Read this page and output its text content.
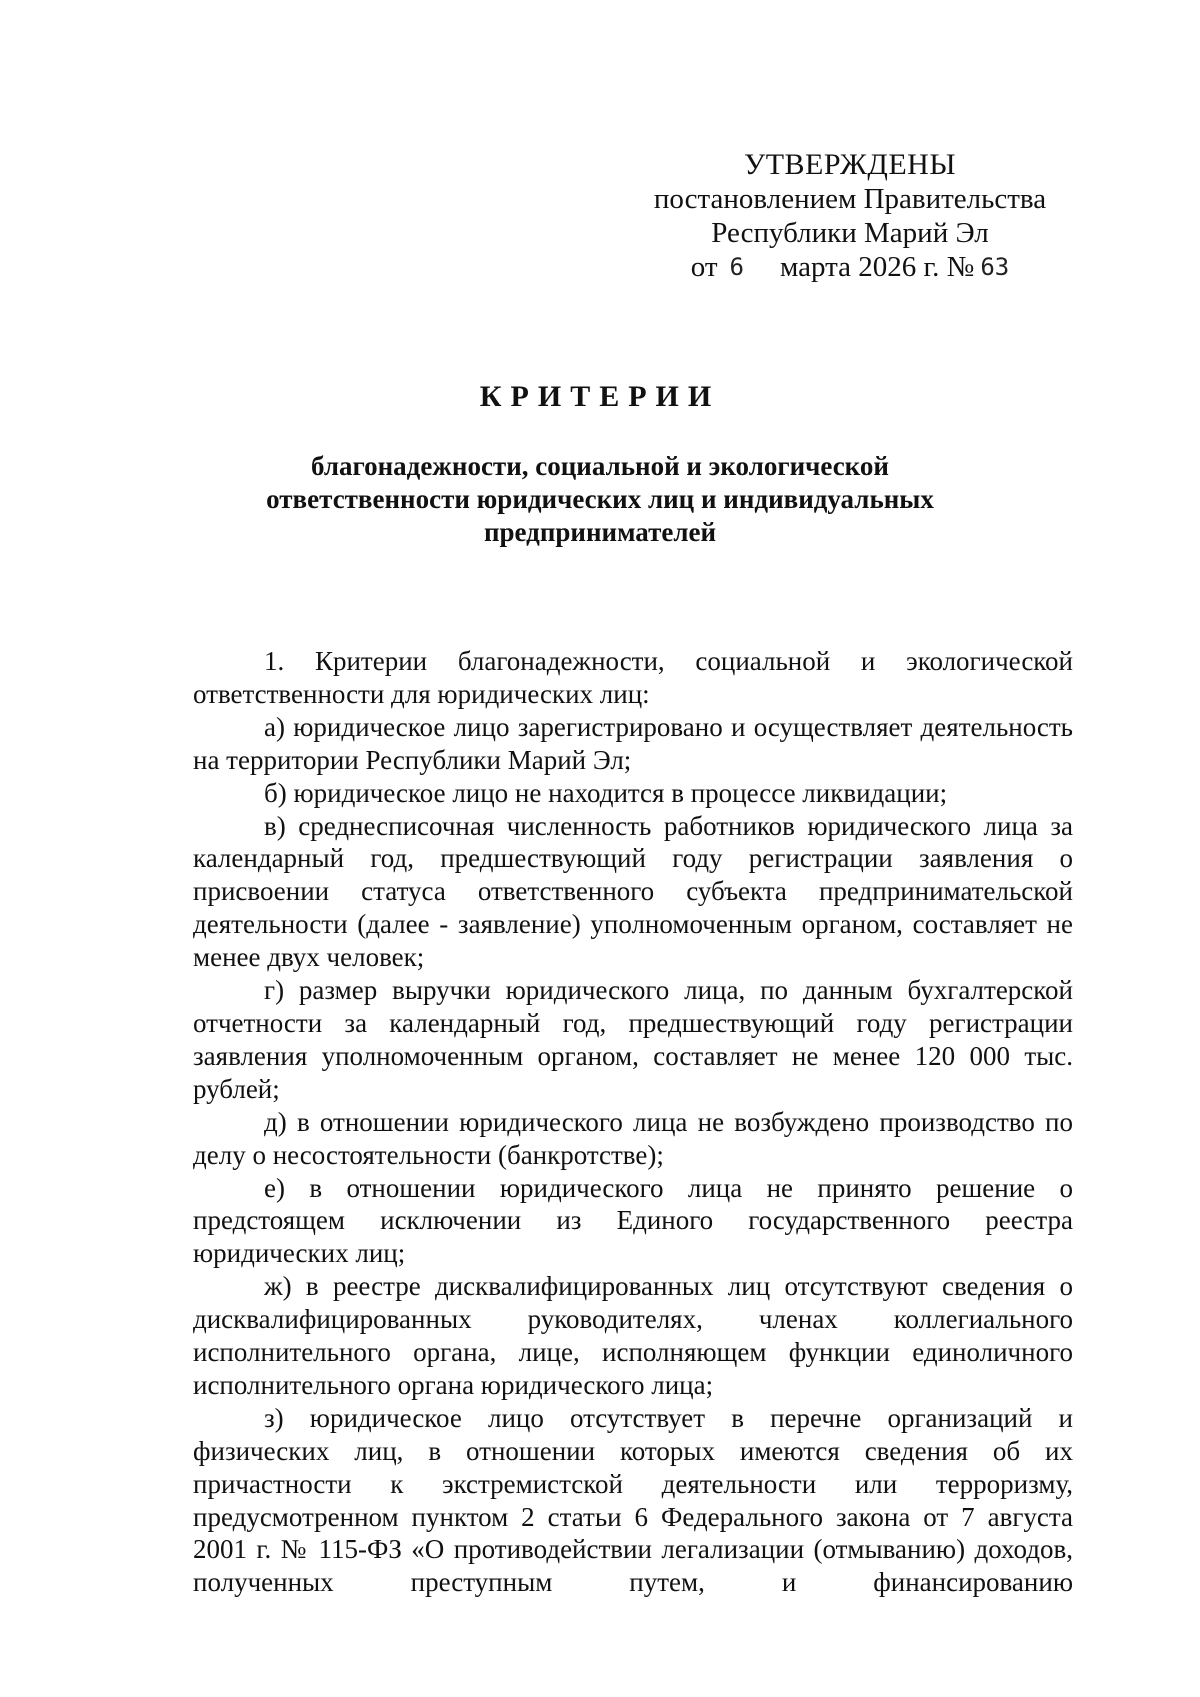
УТВЕРЖДЕНЫ
постановлением Правительства
Республики Марий Эл
от 6 марта 2026 г. № 63
КРИТЕРИИ
благонадежности, социальной и экологической
ответственности юридических лиц и индивидуальных
предпринимателей

1. Критерии благонадежности, социальной и экологической ответственности для юридических лиц:

а) юридическое лицо зарегистрировано и осуществляет деятельность на территории Республики Марий Эл;

б) юридическое лицо не находится в процессе ликвидации;

в) среднесписочная численность работников юридического лица за календарный год, предшествующий году регистрации заявления о присвоении статуса ответственного субъекта предпринимательской деятельности (далее - заявление) уполномоченным органом, составляет не менее двух человек;

г) размер выручки юридического лица, по данным бухгалтерской отчетности за календарный год, предшествующий году регистрации заявления уполномоченным органом, составляет не менее 120 000 тыс. рублей;

д) в отношении юридического лица не возбуждено производство по делу о несостоятельности (банкротстве);

е) в отношении юридического лица не принято решение о предстоящем исключении из Единого государственного реестра юридических лиц;

ж) в реестре дисквалифицированных лиц отсутствуют сведения о дисквалифицированных руководителях, членах коллегиального исполнительного органа, лице, исполняющем функции единоличного исполнительного органа юридического лица;

з) юридическое лицо отсутствует в перечне организаций и физических лиц, в отношении которых имеются сведения об их причастности к экстремистской деятельности или терроризму, предусмотренном пунктом 2 статьи 6 Федерального закона от 7 августа 2001 г. № 115-ФЗ «О противодействии легализации (отмыванию) доходов, полученных преступным путем, и финансированию
